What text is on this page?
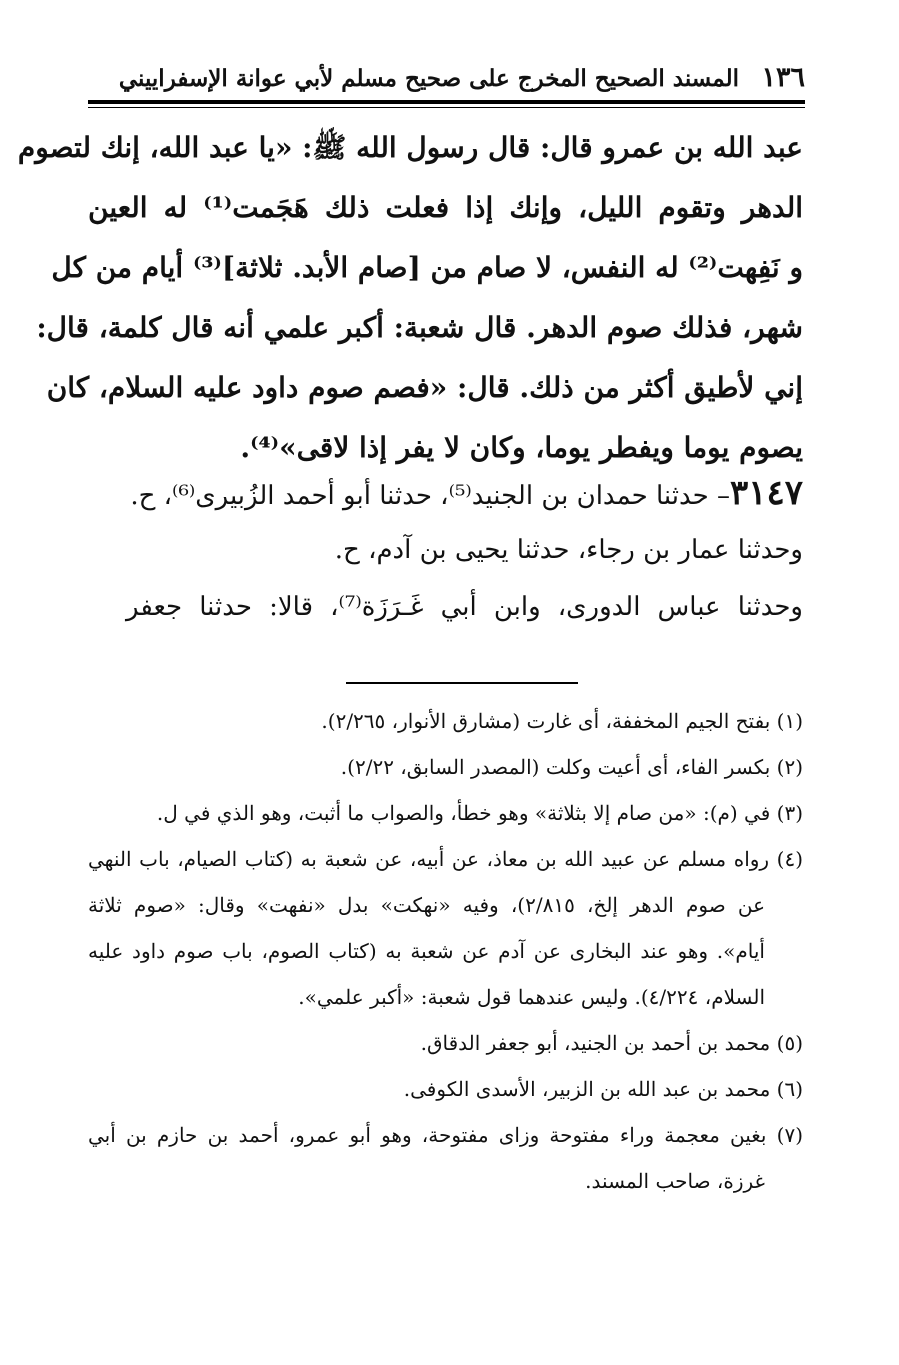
١٣٦
المسند الصحيح المخرج على صحيح مسلم لأبي عوانة الإسفراييني
عبد الله بن عمرو قال: قال رسول الله ﷺ: «يا عبد الله، إنك لتصوم
الدهر وتقوم الليل، وإنك إذا فعلت ذلك هَجَمت⁽¹⁾ له العين
و نَفِهت⁽²⁾ له النفس، لا صام من [صام الأبد. ثلاثة]⁽³⁾ أيام من كل
شهر، فذلك صوم الدهر. قال شعبة: أكبر علمي أنه قال كلمة، قال:
إني لأطيق أكثر من ذلك. قال: «فصم صوم داود عليه السلام، كان
يصوم يوما ويفطر يوما، وكان لا يفر إذا لاقى»⁽⁴⁾.
٣١٤٧– حدثنا حمدان بن الجنيد⁽⁵⁾، حدثنا أبو أحمد الزُبيرى⁽⁶⁾، ح.
وحدثنا عمار بن رجاء، حدثنا يحيى بن آدم، ح.
وحدثنا عباس الدورى، وابن أبي غَـرَزَة⁽⁷⁾، قالا: حدثنا جعفر
(١) بفتح الجيم المخففة، أى غارت (مشارق الأنوار، ٢/٢٦٥).
(٢) بكسر الفاء، أى أعيت وكلت (المصدر السابق، ٢/٢٢).
(٣) في (م): «من صام إلا بثلاثة» وهو خطأ، والصواب ما أثبت، وهو الذي في ل.
(٤) رواه مسلم عن عبيد الله بن معاذ، عن أبيه، عن شعبة به (كتاب الصيام، باب النهي
عن صوم الدهر إلخ، ٢/٨١٥)، وفيه «نهكت» بدل «نفهت» وقال: «صوم ثلاثة
أيام». وهو عند البخارى عن آدم عن شعبة به (كتاب الصوم، باب صوم داود عليه
السلام، ٤/٢٢٤). وليس عندهما قول شعبة: «أكبر علمي».
(٥) محمد بن أحمد بن الجنيد، أبو جعفر الدقاق.
(٦) محمد بن عبد الله بن الزبير، الأسدى الكوفى.
(٧) بغين معجمة وراء مفتوحة وزاى مفتوحة، وهو أبو عمرو، أحمد بن حازم بن أبي
غرزة، صاحب المسند.
